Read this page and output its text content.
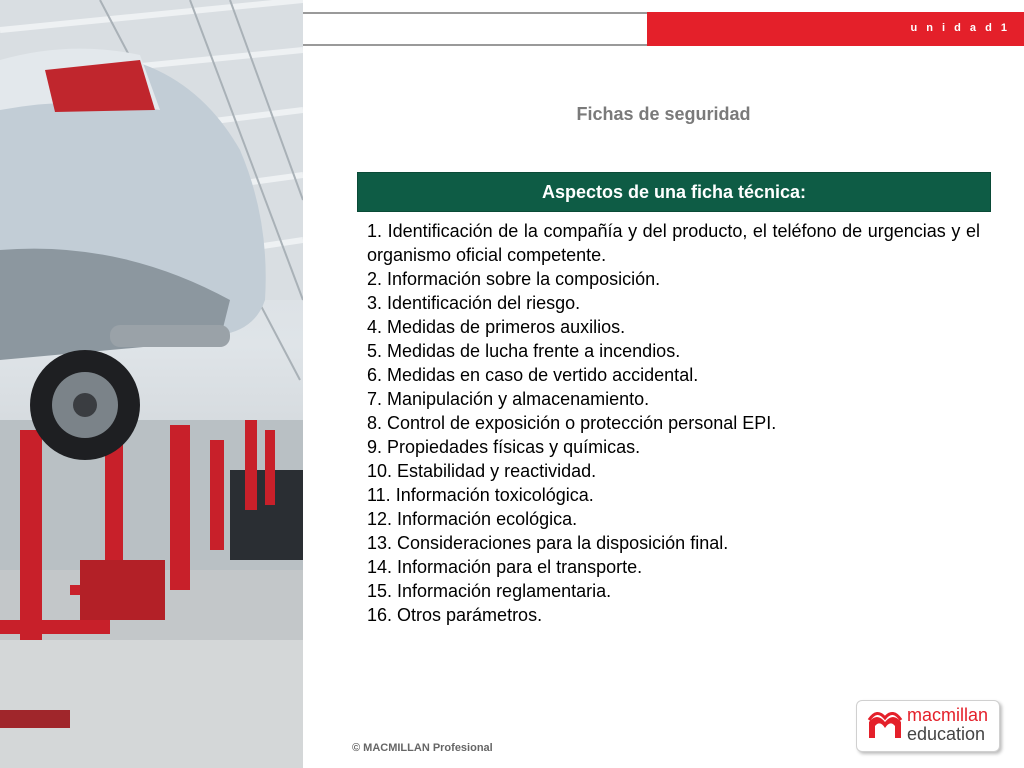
u n i d a d 1
Fichas de seguridad
Aspectos de una ficha técnica:
1. Identificación de la compañía y del producto, el teléfono de urgencias y el organismo oficial competente.
2. Información sobre la composición.
3. Identificación del riesgo.
4. Medidas de primeros auxilios.
5. Medidas de lucha frente a incendios.
6. Medidas en caso de vertido accidental.
7. Manipulación y almacenamiento.
8. Control de exposición o protección personal EPI.
9. Propiedades físicas y químicas.
10. Estabilidad y reactividad.
11. Información toxicológica.
12. Información ecológica.
13. Consideraciones para la disposición final.
14. Información para el transporte.
15. Información reglamentaria.
16. Otros parámetros.
© MACMILLAN Profesional
macmillan
education
